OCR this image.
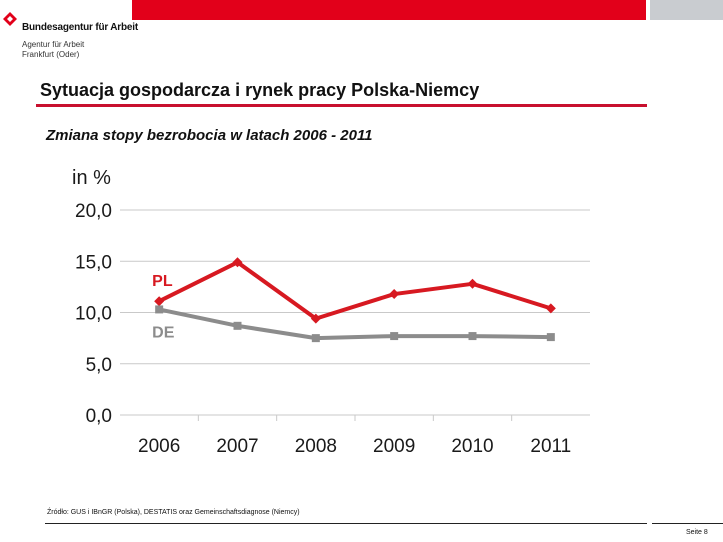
Bundesagentur für Arbeit
Agentur für Arbeit
Frankfurt (Oder)
Sytuacja gospodarcza i rynek pracy Polska-Niemcy
Zmiana stopy bezrobocia w latach 2006 - 2011
in %
20,0
15,0
10,0
5,0
0,0
2006 2007 2008 2009 2010 2011
PL
DE
Źródło: GUS i IBnGR (Polska), DESTATIS oraz Gemeinschaftsdiagnose (Niemcy)
Seite 8
